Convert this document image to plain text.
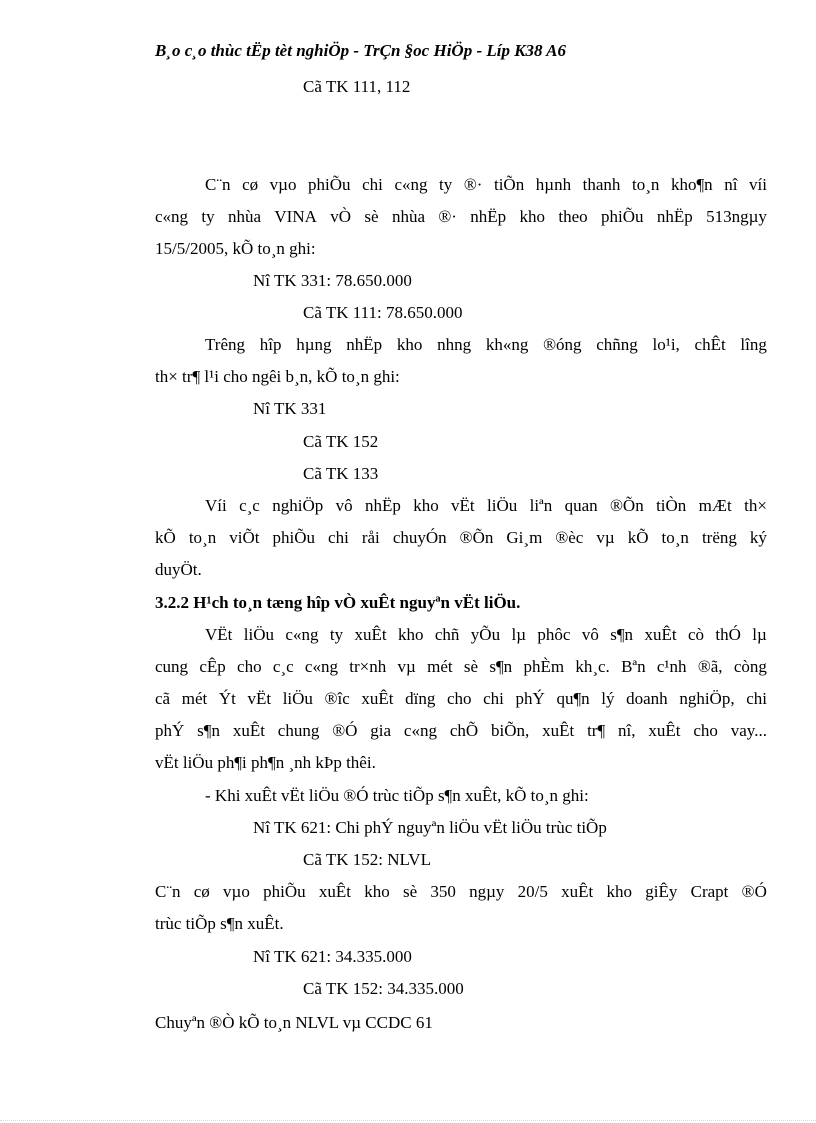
B¸o c¸o thùc tËp tèt nghiÖp - TrÇn §oc HiÖp - Líp K38 A6
Cã TK 111, 112
C¨n cø vµo phiÕu chi c«ng ty ®· tiÕn hµnh thanh to¸n kho¶n nî víi
c«ng ty nhùa VINA vÒ sè nhùa ®· nhËp kho theo phiÕu nhËp 513ngµy
15/5/2005, kÕ to¸n ghi:
Nî TK 331: 78.650.000
Cã TK 111: 78.650.000
Trêng hîp hµng nhËp kho nhng kh«ng ®óng chñng lo¹i, chÊt lîng
th× tr¶ l¹i cho ngêi b¸n, kÕ to¸n ghi:
Nî TK 331
Cã TK 152
Cã TK 133
Víi c¸c nghiÖp vô nhËp kho vËt liÖu liªn quan ®Õn tiÒn mÆt th×
kÕ to¸n viÕt phiÕu chi råi chuyÓn ®Õn Gi¸m ®èc vµ kÕ to¸n trëng ký
duyÖt.
3.2.2 H¹ch to¸n tæng hîp vÒ xuÊt nguyªn vËt liÖu.
VËt liÖu c«ng ty xuÊt kho chñ yÕu lµ phôc vô s¶n xuÊt cò thÓ lµ
cung cÊp cho c¸c c«ng tr×nh vµ mét sè s¶n phÈm kh¸c. Bªn c¹nh ®ã, còng
cã mét Ýt vËt liÖu ®îc xuÊt dïng cho chi phÝ qu¶n lý doanh nghiÖp, chi
phÝ s¶n xuÊt chung ®Ó gia c«ng chÕ biÕn, xuÊt tr¶ nî, xuÊt cho vay...
vËt liÖu ph¶i ph¶n ¸nh kÞp thêi.
- Khi xuÊt vËt liÖu ®Ó trùc tiÕp s¶n xuÊt, kÕ to¸n ghi:
Nî TK 621: Chi phÝ nguyªn liÖu vËt liÖu trùc tiÕp
Cã TK 152: NLVL
C¨n cø vµo phiÕu xuÊt kho sè 350 ngµy 20/5 xuÊt kho giÊy Crapt ®Ó
trùc tiÕp s¶n xuÊt.
Nî TK 621: 34.335.000
Cã TK 152: 34.335.000
Chuyªn ®Ò kÕ to¸n NLVL vµ CCDC 61
